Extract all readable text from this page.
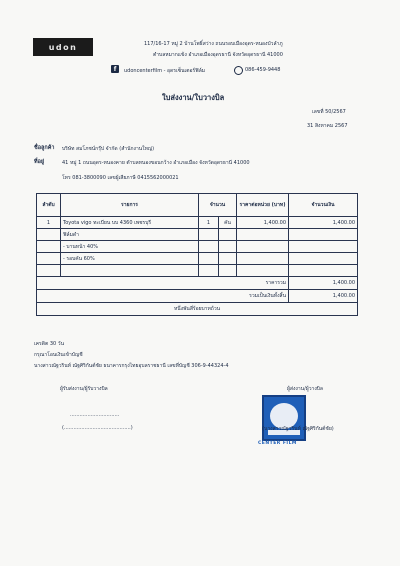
udon	117/16-17 หมู่ 2 บ้านโพธิ์สว่าง ถนนรอบเมืองอุดร-หนองบัวลำภู
ตำบลหมากแข้ง อำเภอเมืองอุดรธานี จังหวัดอุดรธานี 41000
f	udoncenterfilm - อุดรเซ็นเตอร์ฟิล์ม	086-459-9448
ใบส่งงาน/ใบวางบิล
เลขที่ 50/2567
31 สิงหาคม 2567
ชื่อลูกค้า บริษัท สมโภชน์กรุ๊ป จำกัด (สำนักงานใหญ่)
ที่อยู่	41 หมู่ 1 ถนนอุดร-หนองคาย ตำบลหนองขอนกว้าง อำเภอเมือง จังหวัดอุดรธานี 41000
โทร 081-3800090 เลขผู้เสียภาษี 0415562000021
ลำดับ	รายการ	จำนวน		ราคาต่อหน่วย (บาท)	จำนวนเงิน
1	Toyota vigo ทะเบียน บบ 4360 เพชรบุรี	1	คัน	1,400.00	1,400.00
	ฟิล์มดำ				
	- บานหน้า 40%				
	- รอบคัน 60%				

ราคารวม					1,400.00
รวมเป็นเงินทั้งสิ้น					1,400.00
หนึ่งพันสี่ร้อยบาทถ้วน					
เครดิต 30 วัน
กรุณาโอนเงินเข้าบัญชี
นางสาวณัฐวรินท์ ณัฐศิริกันต์ชัย ธนาคารกรุงไทยอุบลราชธานี เลขที่บัญชี 306-9-44324-4
ผู้รับส่งงาน/ผู้รับวางบิล
...............................
(..........................................)
ผู้ส่งงาน/ผู้วางบิล
CENTER FILM
(นางสาวณัฐวรินท์ ณัฐศิริกันต์ชัย)
